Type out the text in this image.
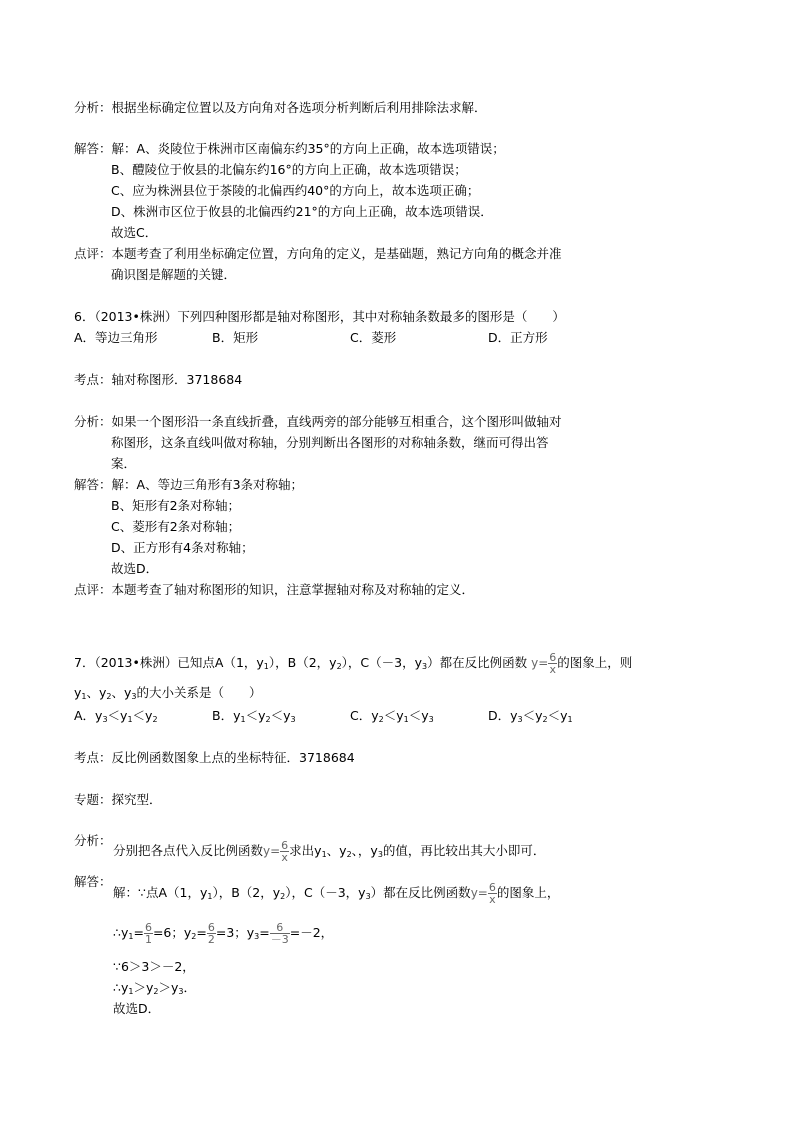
分析：根据坐标确定位置以及方向角对各选项分析判断后利用排除法求解．
解答：解：A、炎陵位于株洲市区南偏东约35°的方向上正确，故本选项错误；
B、醴陵位于攸县的北偏东约16°的方向上正确，故本选项错误；
C、应为株洲县位于茶陵的北偏西约40°的方向上，故本选项正确；
D、株洲市区位于攸县的北偏西约21°的方向上正确，故本选项错误．
故选C．
点评：本题考查了利用坐标确定位置，方向角的定义，是基础题，熟记方向角的概念并准
确识图是解题的关键．
6．（2013•株洲）下列四种图形都是轴对称图形，其中对称轴条数最多的图形是（　　）
A．等边三角形	B．矩形	C．菱形	D．正方形
考点：轴对称图形．3718684
分析：如果一个图形沿一条直线折叠，直线两旁的部分能够互相重合，这个图形叫做轴对
称图形，这条直线叫做对称轴，分别判断出各图形的对称轴条数，继而可得出答
案．
解答：解：A、等边三角形有3条对称轴；
B、矩形有2条对称轴；
C、菱形有2条对称轴；
D、正方形有4条对称轴；
故选D．
点评：本题考查了轴对称图形的知识，注意掌握轴对称及对称轴的定义．
7．（2013•株洲）已知点A（1，$y_1$），B（2，$y_2$），C（－3，$y_3$）都在反比例函数 $y= \frac{6}{x}$ 的图象上，则
$y_1$、$y_2$、$y_3$的大小关系是（　　）
A．$y_3<y_1<y_2$	B．$y_1<y_2<y_3$	C．$y_2<y_1<y_3$	D．$y_3<y_2<y_1$
考点：反比例函数图象上点的坐标特征．3718684
专题：探究型．
分析：
分别把各点代入反比例函数$y= \frac{6}{x}$ 求出$y_1$、$y_2$、，$y_3$的值，再比较出其大小即可．
解答：
解：∵点A（1，$y_1$），B（2，$y_2$），C（－3，$y_3$）都在反比例函数$y= \frac{6}{x}$ 的图象上，
$\therefore y_1= \frac{6}{1} =6$；$y_2= \frac{6}{2} =3$；$y_3= \frac{6}{-3} =-2$，
∵6＞3＞－2，
$\therefore y_1>y_2>y_3$．
故选D．
